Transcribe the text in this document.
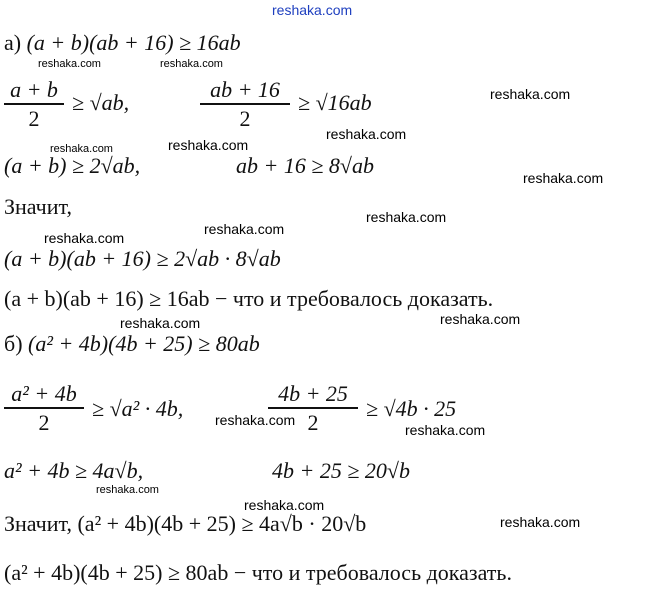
reshaka.com
а) (a + b)(ab + 16) ≥ 16ab
a + b
2
≥ √ab,
ab + 16
2
≥ √16ab
(a + b) ≥ 2√ab,	ab + 16 ≥ 8√ab
Значит,
(a + b)(ab + 16) ≥ 2√ab · 8√ab
(a + b)(ab + 16) ≥ 16ab − что и требовалось доказать.
б) (a² + 4b)(4b + 25) ≥ 80ab
a² + 4b
2
≥ √a² · 4b,
4b + 25
2
≥ √4b · 25
a² + 4b ≥ 4a√b,	4b + 25 ≥ 20√b
Значит, (a² + 4b)(4b + 25) ≥ 4a√b · 20√b
(a² + 4b)(4b + 25) ≥ 80ab − что и требовалось доказать.
reshaka.com	reshaka.com
reshaka.com
reshaka.com	reshaka.com
reshaka.com
reshaka.com
reshaka.com
reshaka.com
reshaka.com
reshaka.com	reshaka.com
reshaka.com
reshaka.com
reshaka.com
reshaka.com
reshaka.com
